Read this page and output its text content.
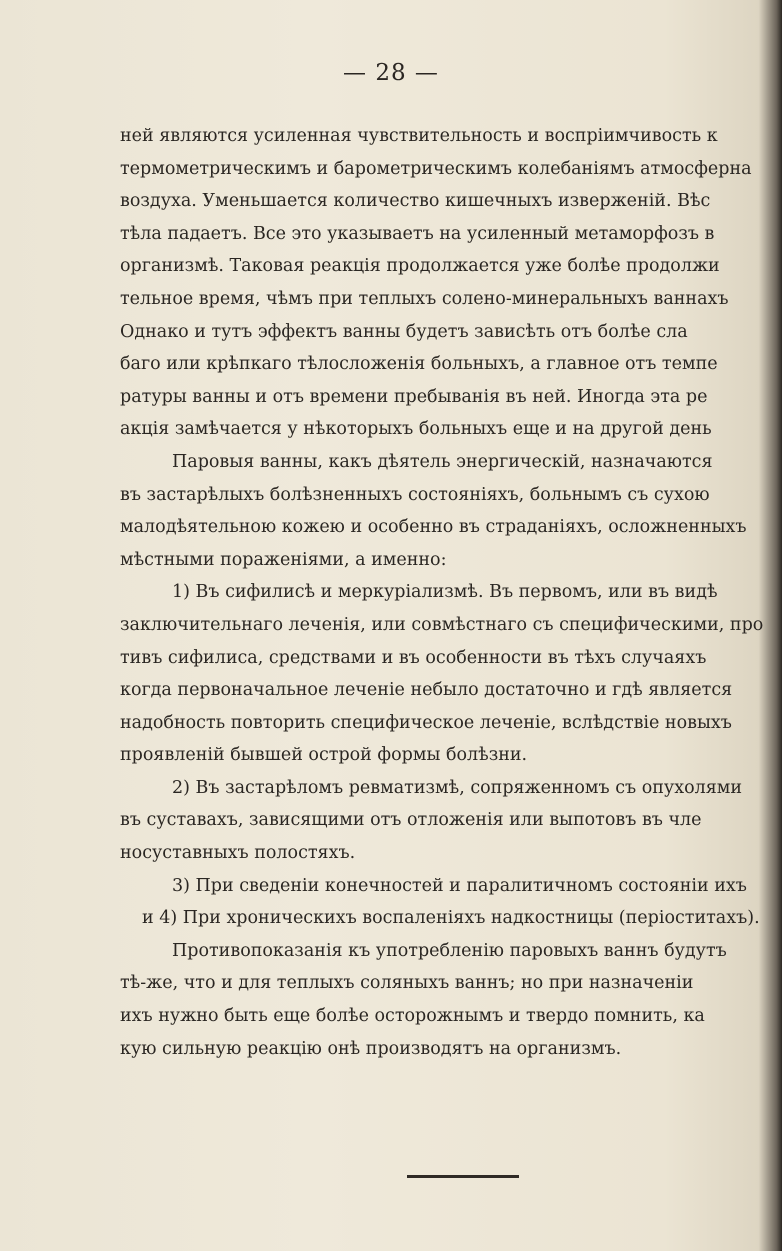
— 28 —
ней являются усиленная чувствительность и воспріимчивость к
термометрическимъ и барометрическимъ колебаніямъ атмосферна
воздуха. Уменьшается количество кишечныхъ изверженій. Вѣс
тѣла падаетъ. Все это указываетъ на усиленный метаморфозъ в
организмѣ. Таковая реакція продолжается уже болѣе продолжи
тельное время, чѣмъ при теплыхъ солено-минеральныхъ ваннахъ
Однако и тутъ эффектъ ванны будетъ зависѣть отъ болѣе сла
баго или крѣпкаго тѣлосложенія больныхъ, а главное отъ темпе
ратуры ванны и отъ времени пребыванія въ ней. Иногда эта ре
акція замѣчается у нѣкоторыхъ больныхъ еще и на другой день
Паровыя ванны, какъ дѣятель энергическій, назначаются
въ застарѣлыхъ болѣзненныхъ состояніяхъ, больнымъ съ сухою
малодѣятельною кожею и особенно въ страданіяхъ, осложненныхъ
мѣстными пораженіями, а именно:
1) Въ сифилисѣ и меркуріализмѣ. Въ первомъ, или въ видѣ
заключительнаго леченія, или совмѣстнаго съ специфическими, про
тивъ сифилиса, средствами и въ особенности въ тѣхъ случаяхъ
когда первоначальное леченіе небыло достаточно и гдѣ является
надобность повторить специфическое леченіе, вслѣдствіе новыхъ
проявленій бывшей острой формы болѣзни.
2) Въ застарѣломъ ревматизмѣ, сопряженномъ съ опухолями
въ суставахъ, зависящими отъ отложенія или выпотовъ въ чле
носуставныхъ полостяхъ.
3) При сведеніи конечностей и паралитичномъ состояніи ихъ
и 4) При хроническихъ воспаленіяхъ надкостницы (періоститахъ).
Противопоказанія къ употребленію паровыхъ ваннъ будутъ
тѣ-же, что и для теплыхъ соляныхъ ваннъ; но при назначеніи
ихъ нужно быть еще болѣе осторожнымъ и твердо помнить, ка
кую сильную реакцію онѣ производятъ на организмъ.
